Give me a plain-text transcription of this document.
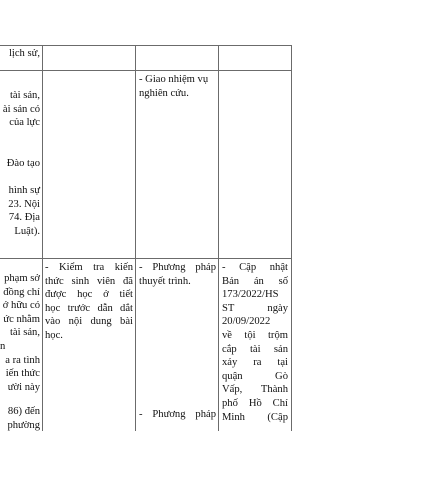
lịch sử,
tài sản,
ài sản có
của lực
Đào tạo
hình sự
23. Nội
74. Địa
Luật).
phạm sở
đồng chí
ớ hữu có
ức nhằm
tài sản,
n
a ra tình
iến thức
ười này
86) đến
phường
- Kiểm tra kiến
thức sinh viên đã
được học ở tiết
học trước dẫn dắt
vào nội dung bài
học.
- Giao nhiệm vụ
nghiên cứu.
- Phương pháp
thuyết trình.
- Phương pháp
- Cập nhật
Bản án số
173/2022/HS
ST ngày
20/09/2022
về tội trộm
cắp tài sản
xảy ra tại
quận Gò
Vấp, Thành
phố Hồ Chí
Minh (Cập
